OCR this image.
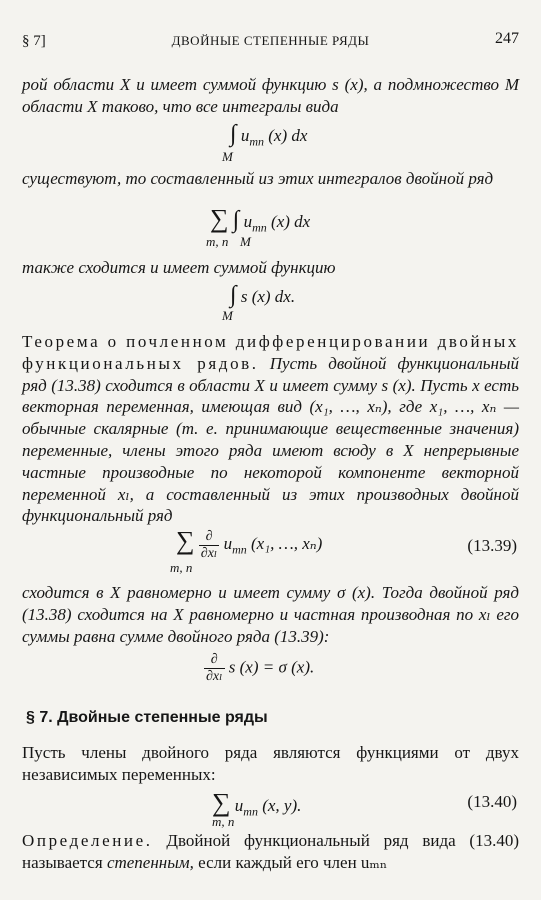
§ 7]	ДВОЙНЫЕ СТЕПЕННЫЕ РЯДЫ	247
рой области X и имеет суммой функцию s (x), а подмножество M области X таково, что все интегралы вида
∫ $u_{mn}$ (x) dx
M
существуют, то составленный из этих интегралов двойной ряд
∑ ∫ $u_{mn}$ (x) dx
m, n M
также сходится и имеет суммой функцию
∫ s (x) dx.
M
Теорема о почленном дифференцировании двойных функциональных рядов. Пусть двойной функциональный ряд (13.38) сходится в области X и имеет сумму s (x). Пусть x есть векторная переменная, имеющая вид (x₁, …, xₙ), где x₁, …, xₙ — обычные скалярные (т. е. принимающие вещественные значения) переменные, члены этого ряда имеют всюду в X непрерывные частные производные по некоторой компоненте векторной переменной xₗ, а составленный из этих производных двойной функциональный ряд
∑ $\frac{\partial}{\text{∂xₗ}} u_{mn}$ (x₁, …, xₙ)
m, n
(13.39)
сходится в X равномерно и имеет сумму σ (x). Тогда двойной ряд (13.38) сходится на X равномерно и частная производная по xₗ его суммы равна сумме двойного ряда (13.39):
$\frac{\partial}{\text{∂xₗ}}$ s (x) = σ (x).
§ 7. Двойные степенные ряды
Пусть члены двойного ряда являются функциями от двух независимых переменных:
∑ $u_{mn}$ (x, y).
m, n
(13.40)
Определение. Двойной функциональный ряд вида (13.40) называется степенным, если каждый его член uₘₙ
